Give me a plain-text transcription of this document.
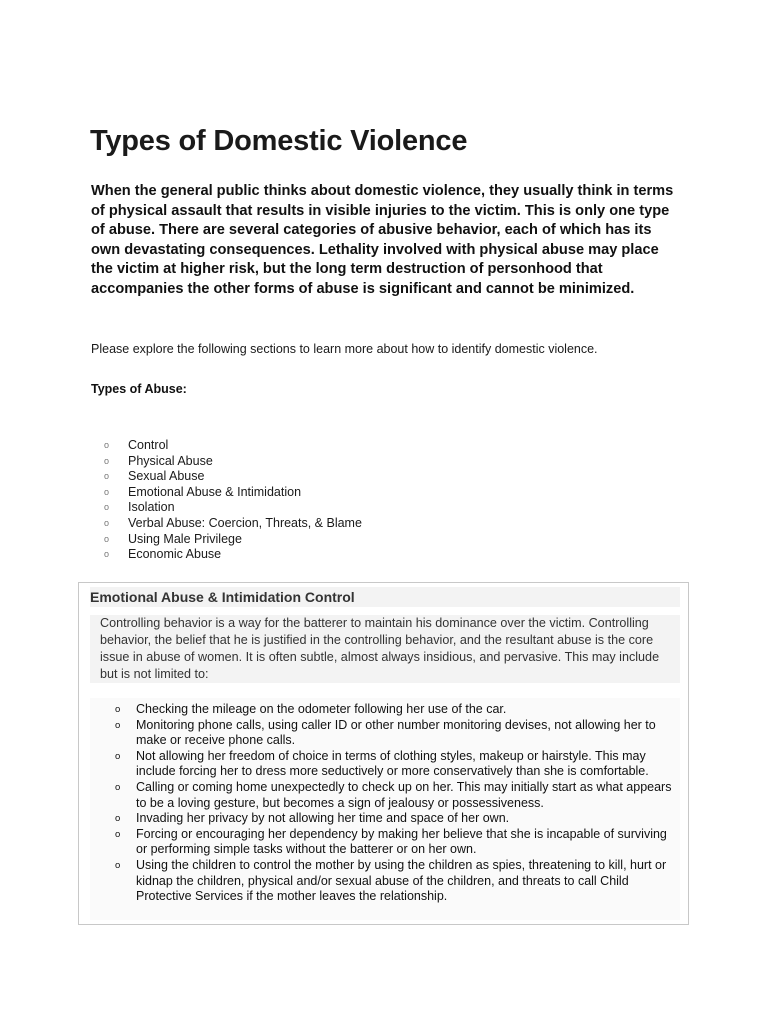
Types of Domestic Violence

When the general public thinks about domestic violence, they usually think in terms of physical assault that results in visible injuries to the victim. This is only one type of abuse. There are several categories of abusive behavior, each of which has its own devastating consequences. Lethality involved with physical abuse may place the victim at higher risk, but the long term destruction of personhood that accompanies the other forms of abuse is significant and cannot be minimized.

Please explore the following sections to learn more about how to identify domestic violence.

Types of Abuse:

o Control
o Physical Abuse
o Sexual Abuse
o Emotional Abuse & Intimidation
o Isolation
o Verbal Abuse: Coercion, Threats, & Blame
o Using Male Privilege
o Economic Abuse
Emotional Abuse & Intimidation Control

Controlling behavior is a way for the batterer to maintain his dominance over the victim. Controlling behavior, the belief that he is justified in the controlling behavior, and the resultant abuse is the core issue in abuse of women. It is often subtle, almost always insidious, and pervasive. This may include but is not limited to:

o Checking the mileage on the odometer following her use of the car.
o Monitoring phone calls, using caller ID or other number monitoring devises, not allowing her to make or receive phone calls.
o Not allowing her freedom of choice in terms of clothing styles, makeup or hairstyle. This may include forcing her to dress more seductively or more conservatively than she is comfortable.
o Calling or coming home unexpectedly to check up on her. This may initially start as what appears to be a loving gesture, but becomes a sign of jealousy or possessiveness.
o Invading her privacy by not allowing her time and space of her own.
o Forcing or encouraging her dependency by making her believe that she is incapable of surviving or performing simple tasks without the batterer or on her own.
o Using the children to control the mother by using the children as spies, threatening to kill, hurt or kidnap the children, physical and/or sexual abuse of the children, and threats to call Child Protective Services if the mother leaves the relationship.
